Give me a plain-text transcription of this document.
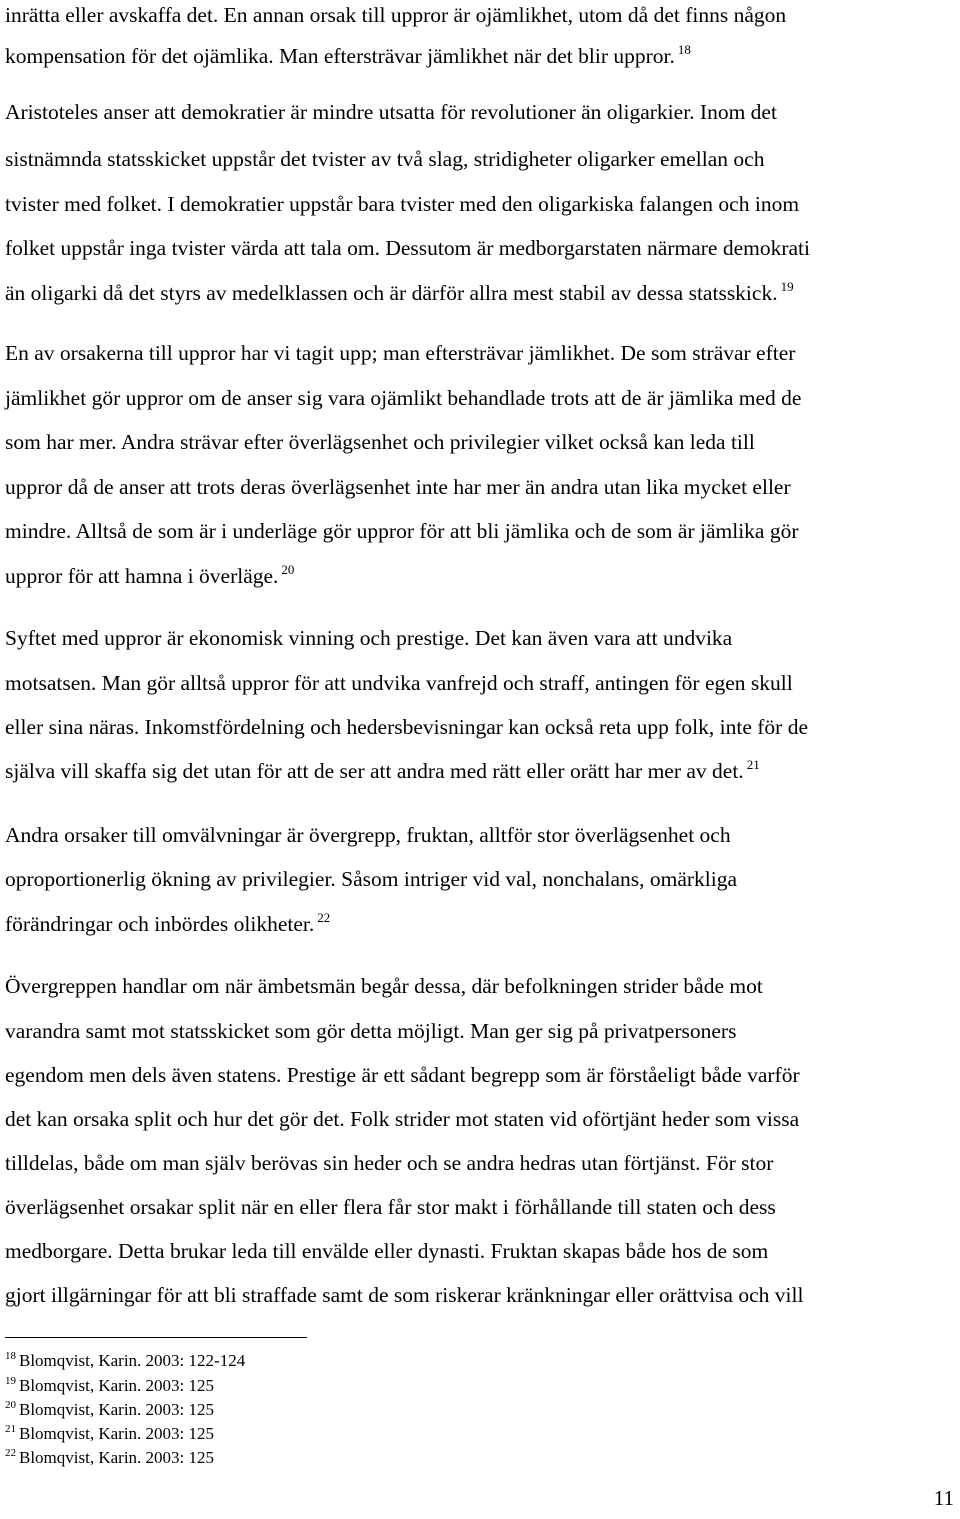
inrätta eller avskaffa det. En annan orsak till uppror är ojämlikhet, utom då det finns någon
kompensation för det ojämlika. Man eftersträvar jämlikhet när det blir uppror. $^{18}$
Aristoteles anser att demokratier är mindre utsatta för revolutioner än oligarkier. Inom det
sistnämnda statsskicket uppstår det tvister av två slag, stridigheter oligarker emellan och
tvister med folket. I demokratier uppstår bara tvister med den oligarkiska falangen och inom
folket uppstår inga tvister värda att tala om. Dessutom är medborgarstaten närmare demokrati
än oligarki då det styrs av medelklassen och är därför allra mest stabil av dessa statsskick. $^{19}$
En av orsakerna till uppror har vi tagit upp; man eftersträvar jämlikhet. De som strävar efter
jämlikhet gör uppror om de anser sig vara ojämlikt behandlade trots att de är jämlika med de
som har mer. Andra strävar efter överlägsenhet och privilegier vilket också kan leda till
uppror då de anser att trots deras överlägsenhet inte har mer än andra utan lika mycket eller
mindre. Alltså de som är i underläge gör uppror för att bli jämlika och de som är jämlika gör
uppror för att hamna i överläge. $^{20}$
Syftet med uppror är ekonomisk vinning och prestige. Det kan även vara att undvika
motsatsen. Man gör alltså uppror för att undvika vanfrejd och straff, antingen för egen skull
eller sina näras. Inkomstfördelning och hedersbevisningar kan också reta upp folk, inte för de
själva vill skaffa sig det utan för att de ser att andra med rätt eller orätt har mer av det. $^{21}$
Andra orsaker till omvälvningar är övergrepp, fruktan, alltför stor överlägsenhet och
oproportionerlig ökning av privilegier. Såsom intriger vid val, nonchalans, omärkliga
förändringar och inbördes olikheter. $^{22}$
Övergreppen handlar om när ämbetsmän begår dessa, där befolkningen strider både mot
varandra samt mot statsskicket som gör detta möjligt. Man ger sig på privatpersoners
egendom men dels även statens. Prestige är ett sådant begrepp som är förståeligt både varför
det kan orsaka split och hur det gör det. Folk strider mot staten vid oförtjänt heder som vissa
tilldelas, både om man själv berövas sin heder och se andra hedras utan förtjänst. För stor
överlägsenhet orsakar split när en eller flera får stor makt i förhållande till staten och dess
medborgare. Detta brukar leda till envälde eller dynasti. Fruktan skapas både hos de som
gjort illgärningar för att bli straffade samt de som riskerar kränkningar eller orättvisa och vill
$^{18}$ Blomqvist, Karin. 2003: 122-124
$^{19}$ Blomqvist, Karin. 2003: 125
$^{20}$ Blomqvist, Karin. 2003: 125
$^{21}$ Blomqvist, Karin. 2003: 125
$^{22}$ Blomqvist, Karin. 2003: 125
11
